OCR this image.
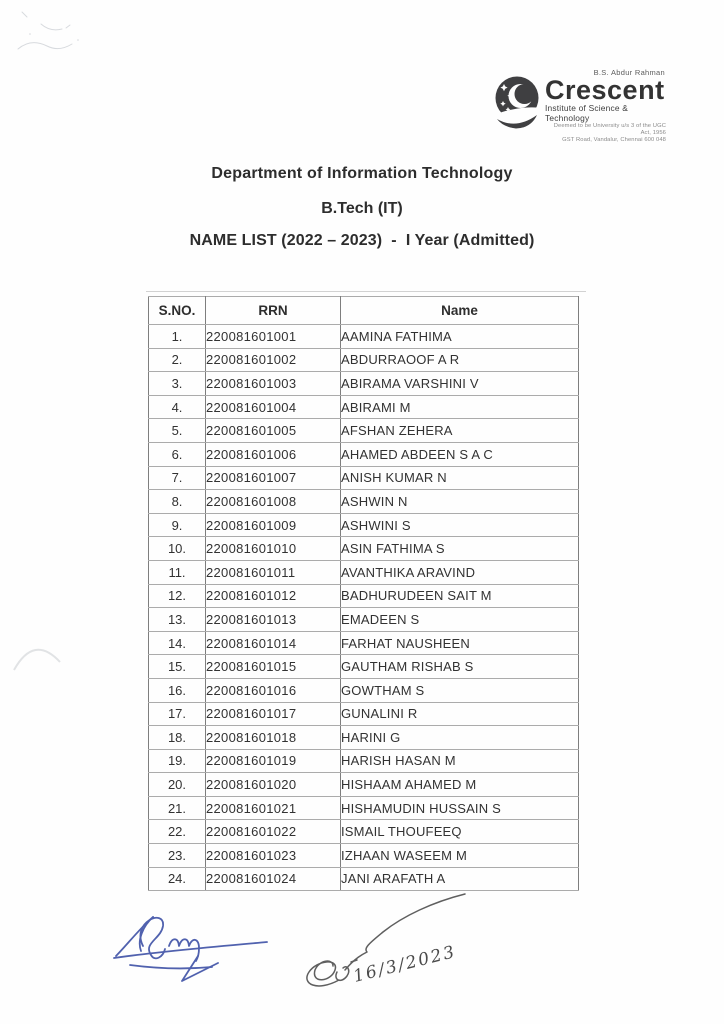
B.S. Abdur Rahman
Crescent
Institute of Science & Technology
Deemed to be University u/s 3 of the UGC Act, 1956
GST Road, Vandalur, Chennai 600 048
Department of Information Technology
B.Tech (IT)
NAME LIST (2022 – 2023)  -  I Year (Admitted)
S.NO.	RRN	Name
1.	220081601001	AAMINA FATHIMA
2.	220081601002	ABDURRAOOF A R
3.	220081601003	ABIRAMA VARSHINI V
4.	220081601004	ABIRAMI M
5.	220081601005	AFSHAN ZEHERA
6.	220081601006	AHAMED ABDEEN S A C
7.	220081601007	ANISH KUMAR N
8.	220081601008	ASHWIN N
9.	220081601009	ASHWINI S
10.	220081601010	ASIN FATHIMA S
11.	220081601011	AVANTHIKA ARAVIND
12.	220081601012	BADHURUDEEN SAIT M
13.	220081601013	EMADEEN S
14.	220081601014	FARHAT NAUSHEEN
15.	220081601015	GAUTHAM RISHAB S
16.	220081601016	GOWTHAM S
17.	220081601017	GUNALINI R
18.	220081601018	HARINI G
19.	220081601019	HARISH HASAN M
20.	220081601020	HISHAAM AHAMED M
21.	220081601021	HISHAMUDIN HUSSAIN S
22.	220081601022	ISMAIL THOUFEEQ
23.	220081601023	IZHAAN WASEEM M
24.	220081601024	JANI ARAFATH A
16/3/2023
